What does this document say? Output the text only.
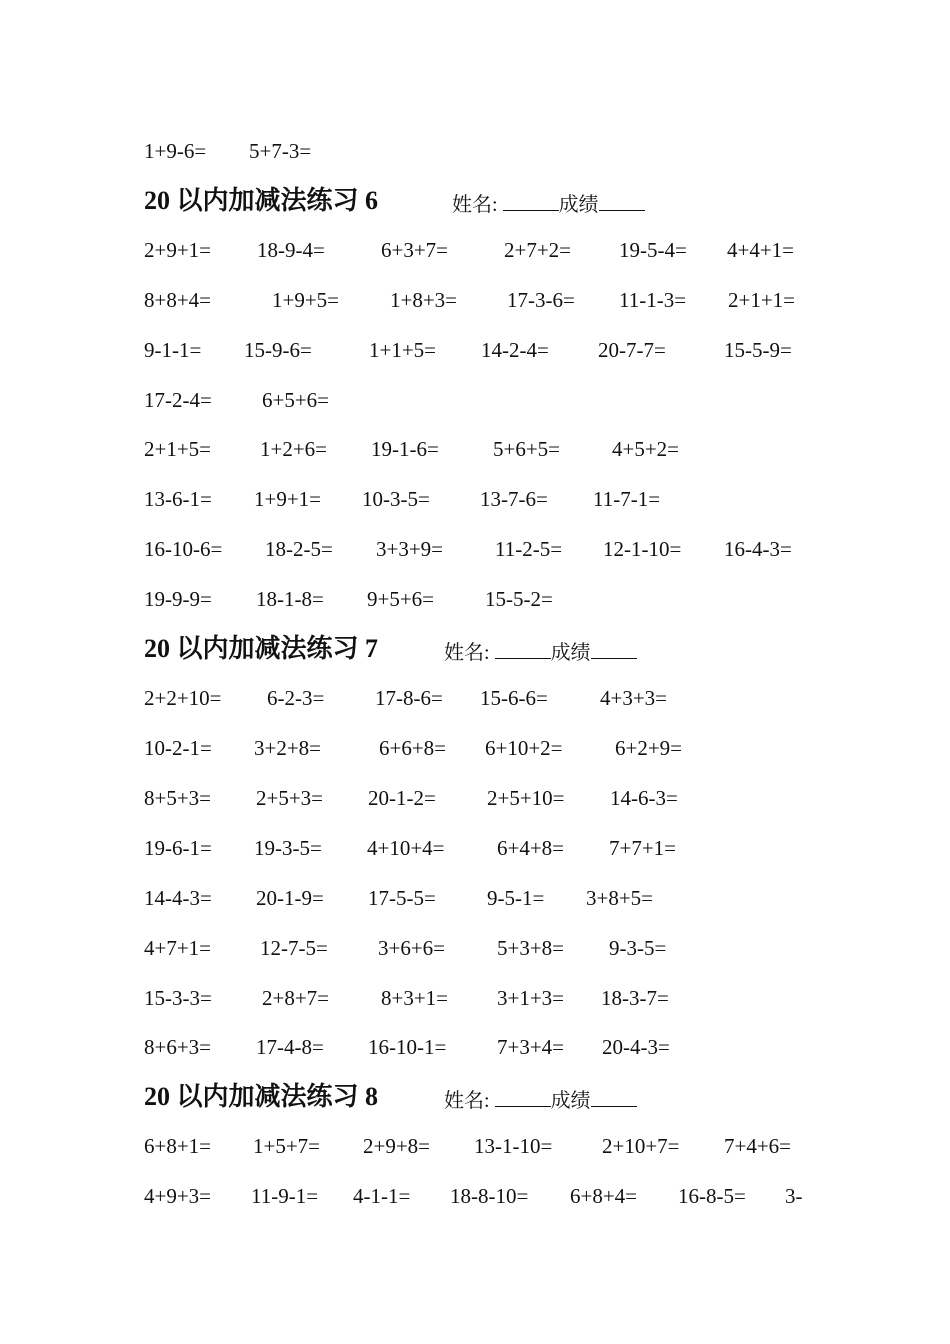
1+9-6= 5+7-3=
20 以内加减法练习 6	姓名:	成绩
2+9+1= 18-9-4=	6+3+7=	2+7+2= 19-5-4= 4+4+1=
8+8+4=	1+9+5= 1+8+3= 17-3-6= 11-1-3= 2+1+1=
9-1-1= 15-9-6=	1+1+5= 14-2-4= 20-7-7=	15-5-9=
17-2-4= 6+5+6=
2+1+5= 1+2+6= 19-1-6=	5+6+5= 4+5+2=
13-6-1= 1+9+1= 10-3-5= 13-7-6= 11-7-1=
16-10-6= 18-2-5= 3+3+9= 11-2-5= 12-1-10= 16-4-3=
19-9-9= 18-1-8= 9+5+6= 15-5-2=
20 以内加减法练习 7	姓名:	成绩
2+2+10= 6-2-3= 17-8-6= 15-6-6= 4+3+3=
10-2-1= 3+2+8=	6+6+8= 6+10+2= 6+2+9=
8+5+3= 2+5+3= 20-1-2= 2+5+10= 14-6-3=
19-6-1= 19-3-5= 4+10+4= 6+4+8= 7+7+1=
14-4-3= 20-1-9= 17-5-5= 9-5-1= 3+8+5=
4+7+1= 12-7-5= 3+6+6= 5+3+8= 9-3-5=
15-3-3= 2+8+7= 8+3+1= 3+1+3= 18-3-7=
8+6+3= 17-4-8= 16-10-1= 7+3+4= 20-4-3=
20 以内加减法练习 8	姓名:	成绩
6+8+1= 1+5+7= 2+9+8= 13-1-10= 2+10+7= 7+4+6=
4+9+3= 11-9-1= 4-1-1= 18-8-10= 6+8+4= 16-8-5= 3-
